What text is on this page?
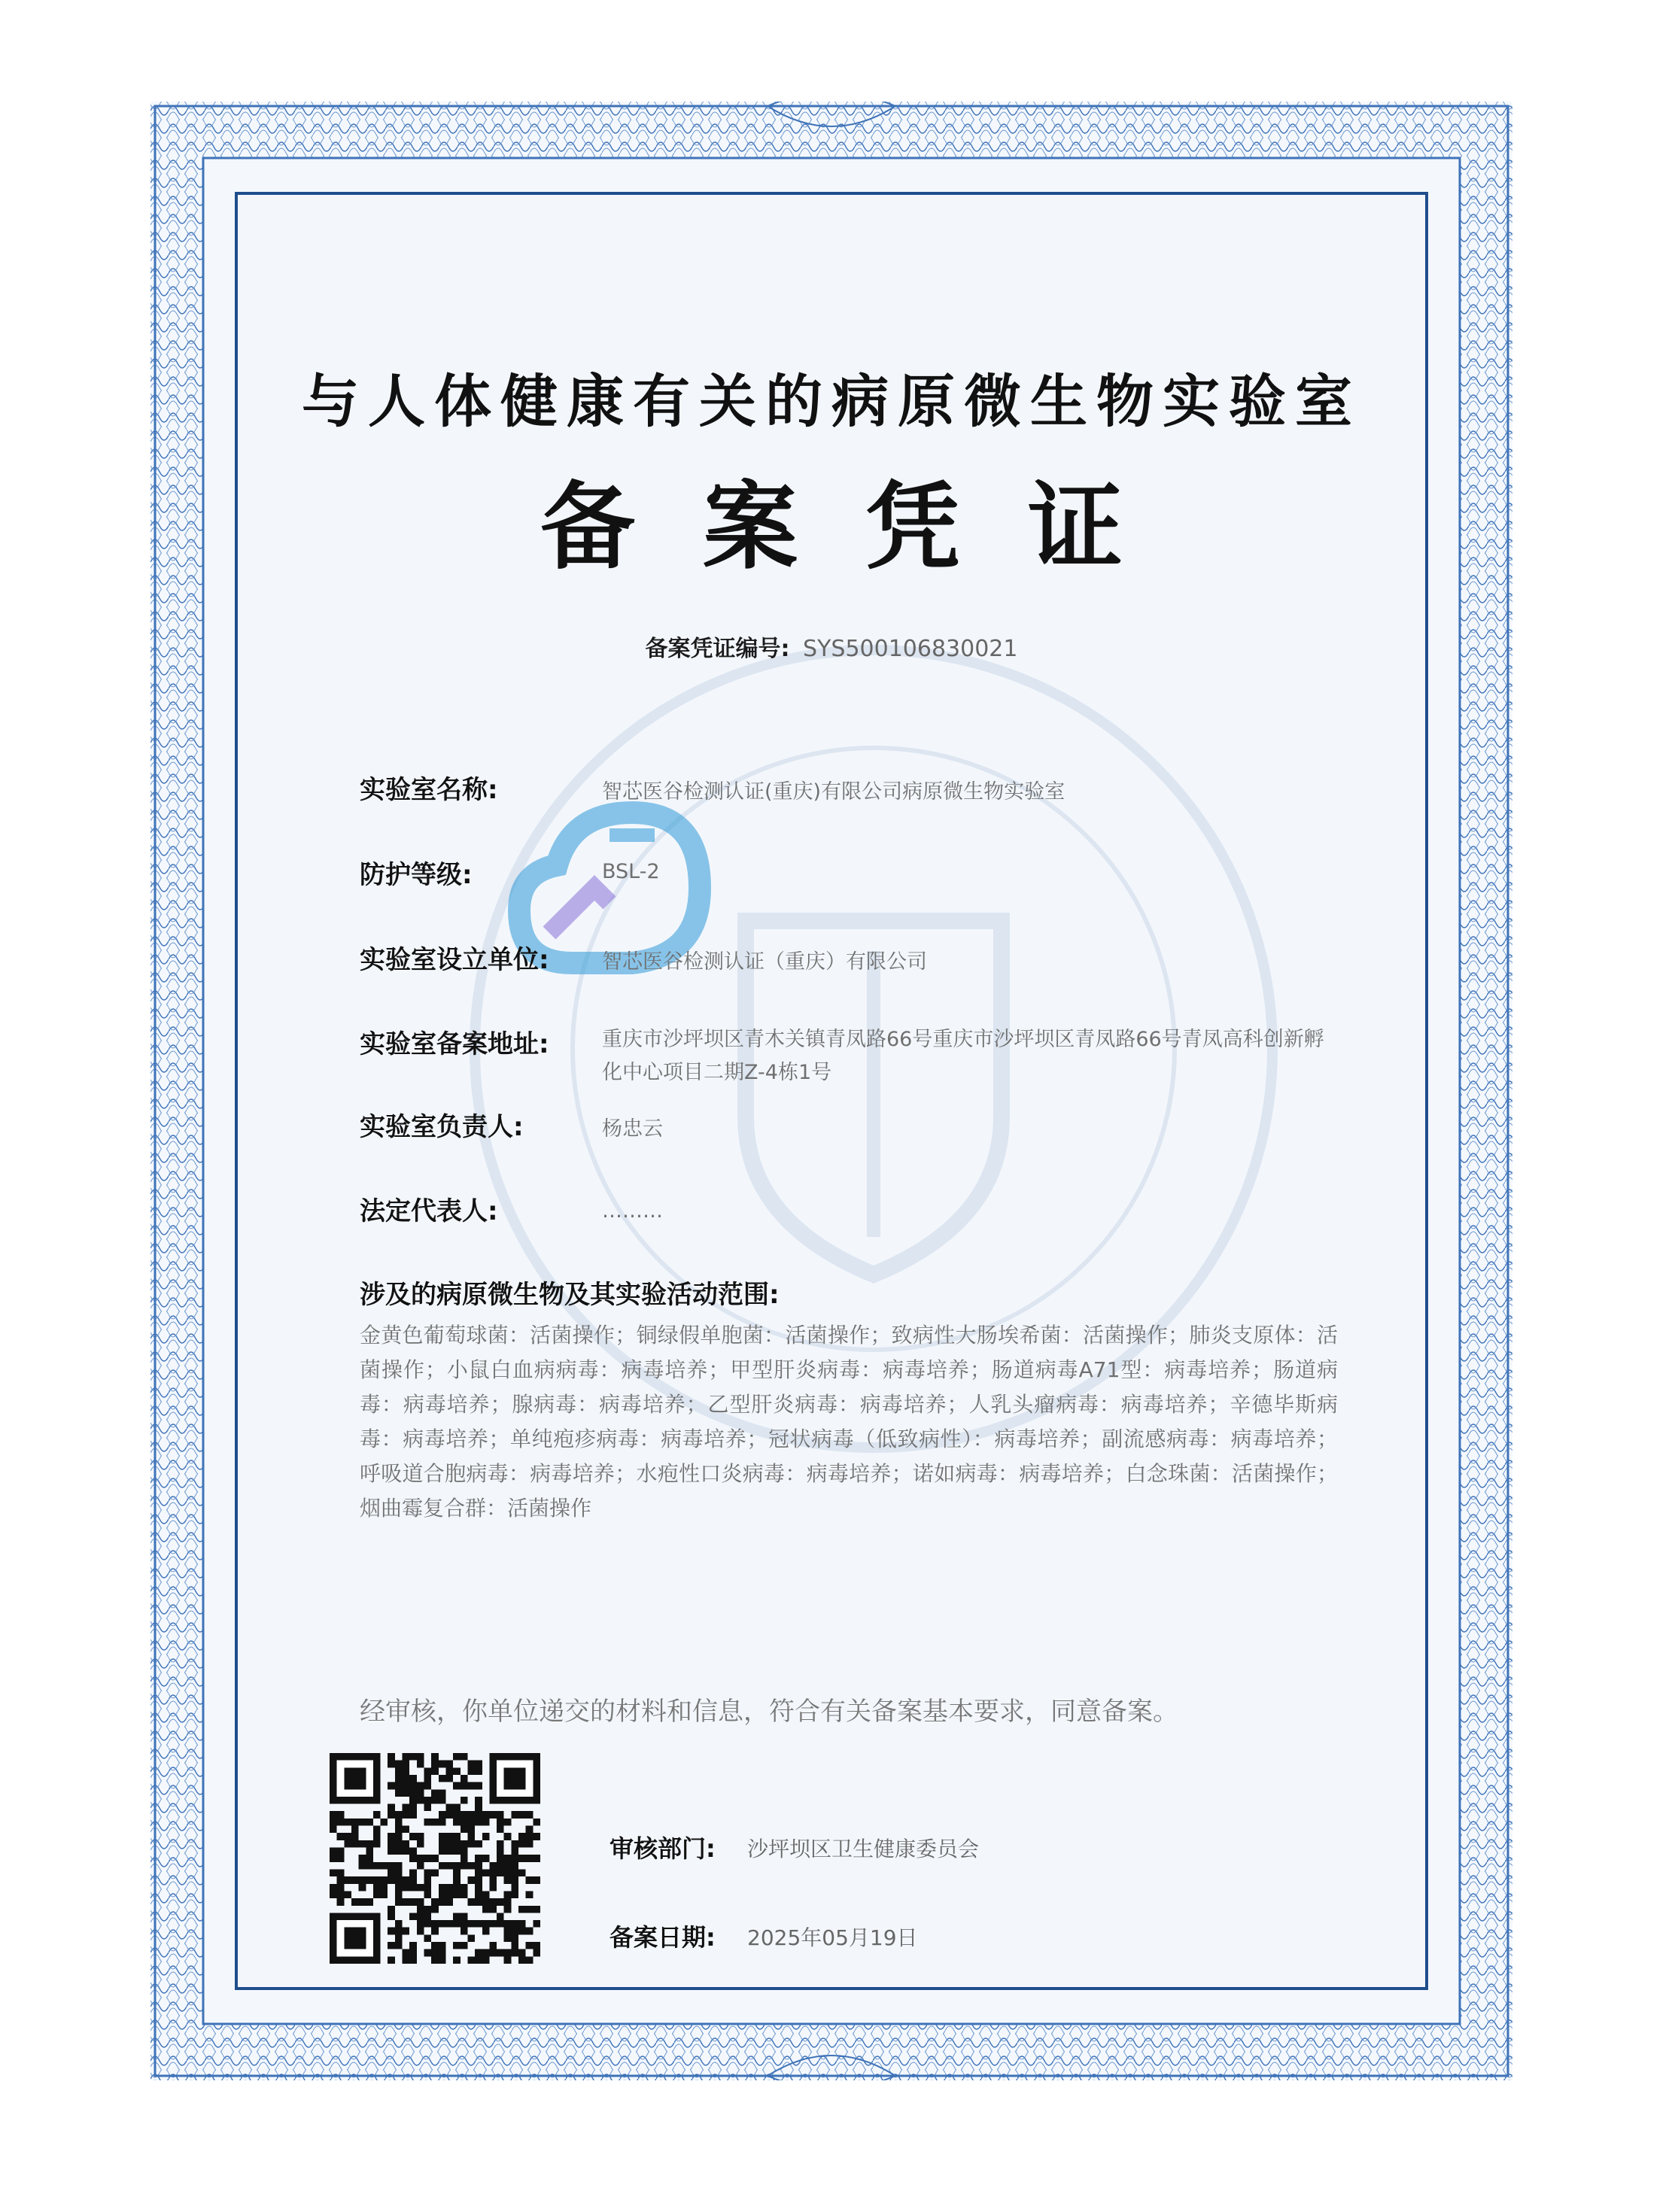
与人体健康有关的病原微生物实验室
备案凭证
备案凭证编号: SYS500106830021
实验室名称:	智芯医谷检测认证(重庆)有限公司病原微生物实验室
防护等级:	BSL-2
实验室设立单位:	智芯医谷检测认证（重庆）有限公司
实验室备案地址:	重庆市沙坪坝区青木关镇青凤路66号重庆市沙坪坝区青凤路66号青凤高科创新孵化中心项目二期Z-4栋1号
实验室负责人:	杨忠云
法定代表人:	………
涉及的病原微生物及其实验活动范围:
金黄色葡萄球菌：活菌操作；铜绿假单胞菌：活菌操作；致病性大肠埃希菌：活菌操作；肺炎支原体：活菌操作；小鼠白血病病毒：病毒培养；甲型肝炎病毒：病毒培养；肠道病毒A71型：病毒培养；肠道病毒：病毒培养；腺病毒：病毒培养；乙型肝炎病毒：病毒培养；人乳头瘤病毒：病毒培养；辛德毕斯病毒：病毒培养；单纯疱疹病毒：病毒培养；冠状病毒（低致病性）：病毒培养；副流感病毒：病毒培养；呼吸道合胞病毒：病毒培养；水疱性口炎病毒：病毒培养；诺如病毒：病毒培养；白念珠菌：活菌操作；烟曲霉复合群：活菌操作
经审核，你单位递交的材料和信息，符合有关备案基本要求，同意备案。
审核部门: 沙坪坝区卫生健康委员会
备案日期: 2025年05月19日
